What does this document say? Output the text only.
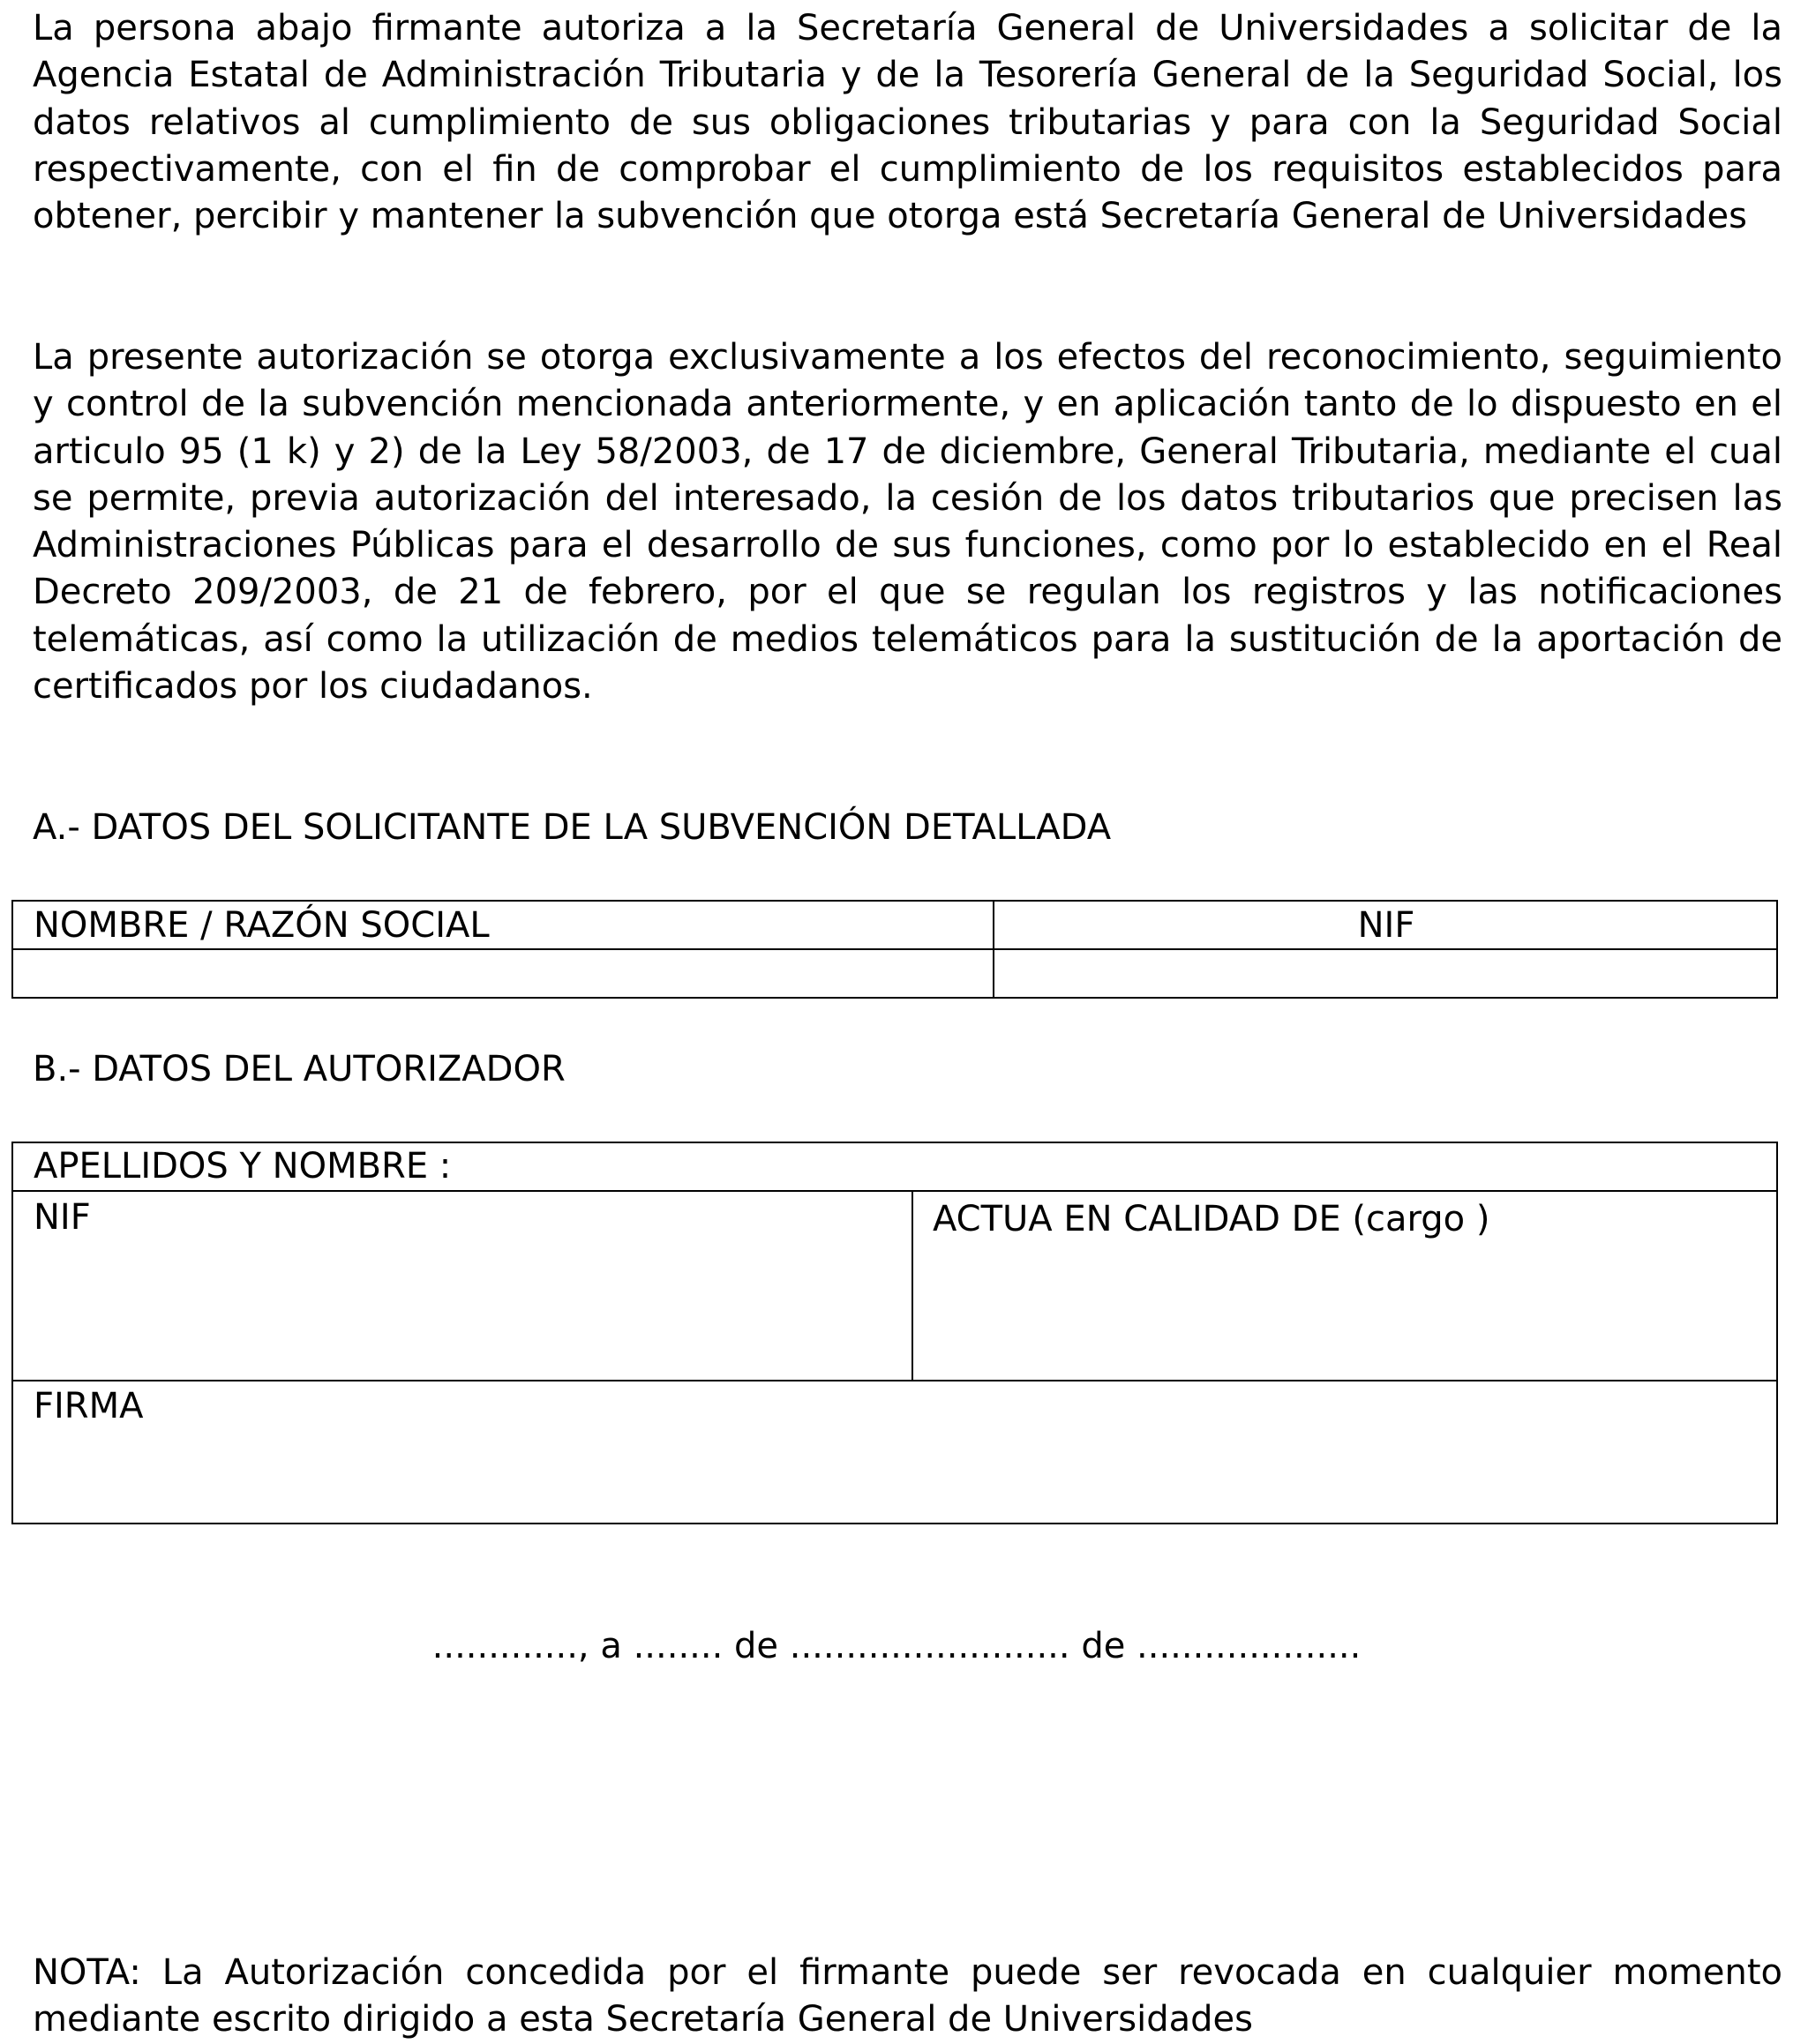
La persona abajo firmante autoriza a la Secretaría General de Universidades a solicitar de la Agencia Estatal de Administración Tributaria y de la Tesorería General de la Seguridad Social, los datos relativos al cumplimiento de sus obligaciones tributarias y para con la Seguridad Social respectivamente, con el fin de comprobar el cumplimiento de los requisitos establecidos para obtener, percibir y mantener la subvención que otorga está Secretaría General de Universidades

La presente autorización se otorga exclusivamente a los efectos del reconocimiento, seguimiento y control de la subvención mencionada anteriormente, y en aplicación tanto de lo dispuesto en el articulo 95 (1 k) y 2) de la Ley 58/2003, de 17 de diciembre, General Tributaria, mediante el cual se permite, previa autorización del interesado, la cesión de los datos tributarios que precisen las Administraciones Públicas para el desarrollo de sus funciones, como por lo establecido en el Real Decreto 209/2003, de 21 de febrero, por el que se regulan los registros y las notificaciones telemáticas, así como la utilización de medios telemáticos para la sustitución de la aportación de certificados por los ciudadanos.

A.- DATOS DEL SOLICITANTE DE LA SUBVENCIÓN DETALLADA
NOMBRE / RAZÓN SOCIAL	NIF
B.- DATOS DEL AUTORIZADOR
APELLIDOS Y NOMBRE :
NIF	ACTUA EN CALIDAD DE (cargo )
FIRMA
............., a ........ de ......................... de ....................

NOTA: La Autorización concedida por el firmante puede ser revocada en cualquier momento mediante escrito dirigido a esta Secretaría General de Universidades
